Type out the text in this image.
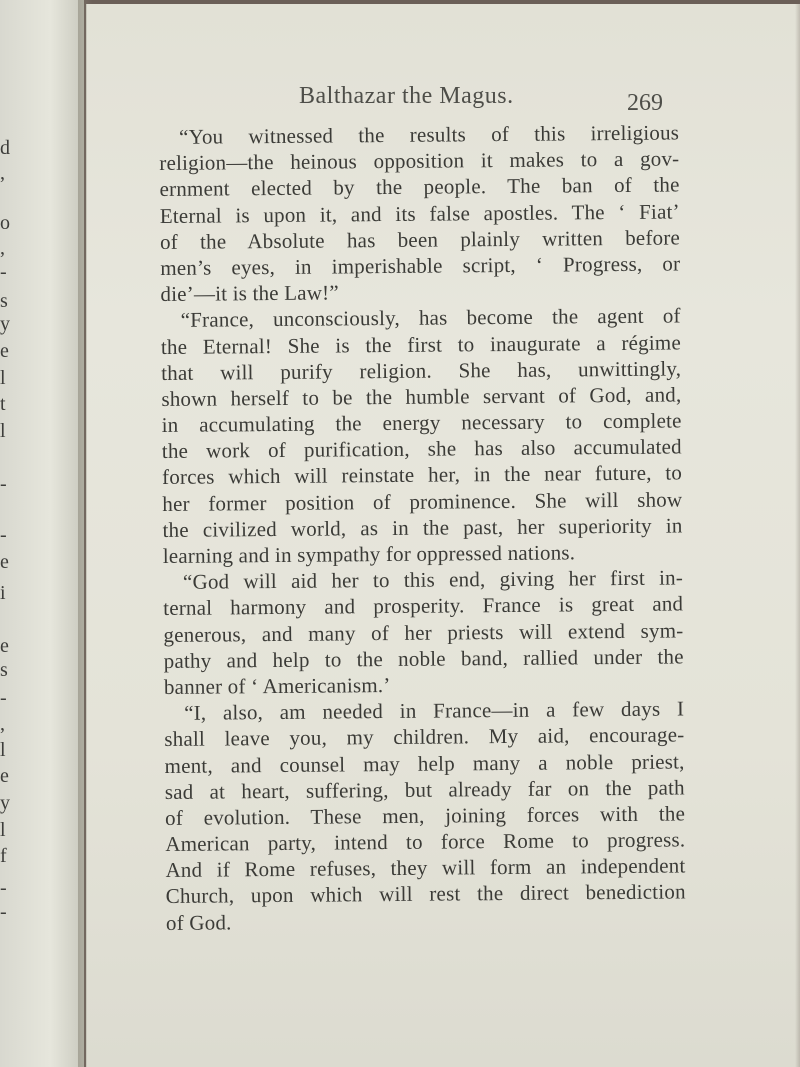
d
,
o
,
-
s
y
e
l
t
l
-
-
e
i
e
s
-
,
l
e
y
l
f
-
-
Balthazar the Magus.	269
“You witnessed the results of this irreligious
religion—the heinous opposition it makes to a gov-
ernment elected by the people. The ban of the
Eternal is upon it, and its false apostles. The ‘ Fiat’
of the Absolute has been plainly written before
men’s eyes, in imperishable script, ‘ Progress, or
die’—it is the Law!”
“France, unconsciously, has become the agent of
the Eternal! She is the first to inaugurate a régime
that will purify religion. She has, unwittingly,
shown herself to be the humble servant of God, and,
in accumulating the energy necessary to complete
the work of purification, she has also accumulated
forces which will reinstate her, in the near future, to
her former position of prominence. She will show
the civilized world, as in the past, her superiority in
learning and in sympathy for oppressed nations.
“God will aid her to this end, giving her first in-
ternal harmony and prosperity. France is great and
generous, and many of her priests will extend sym-
pathy and help to the noble band, rallied under the
banner of ‘ Americanism.’
“I, also, am needed in France—in a few days I
shall leave you, my children. My aid, encourage-
ment, and counsel may help many a noble priest,
sad at heart, suffering, but already far on the path
of evolution. These men, joining forces with the
American party, intend to force Rome to progress.
And if Rome refuses, they will form an independent
Church, upon which will rest the direct benediction
of God.
